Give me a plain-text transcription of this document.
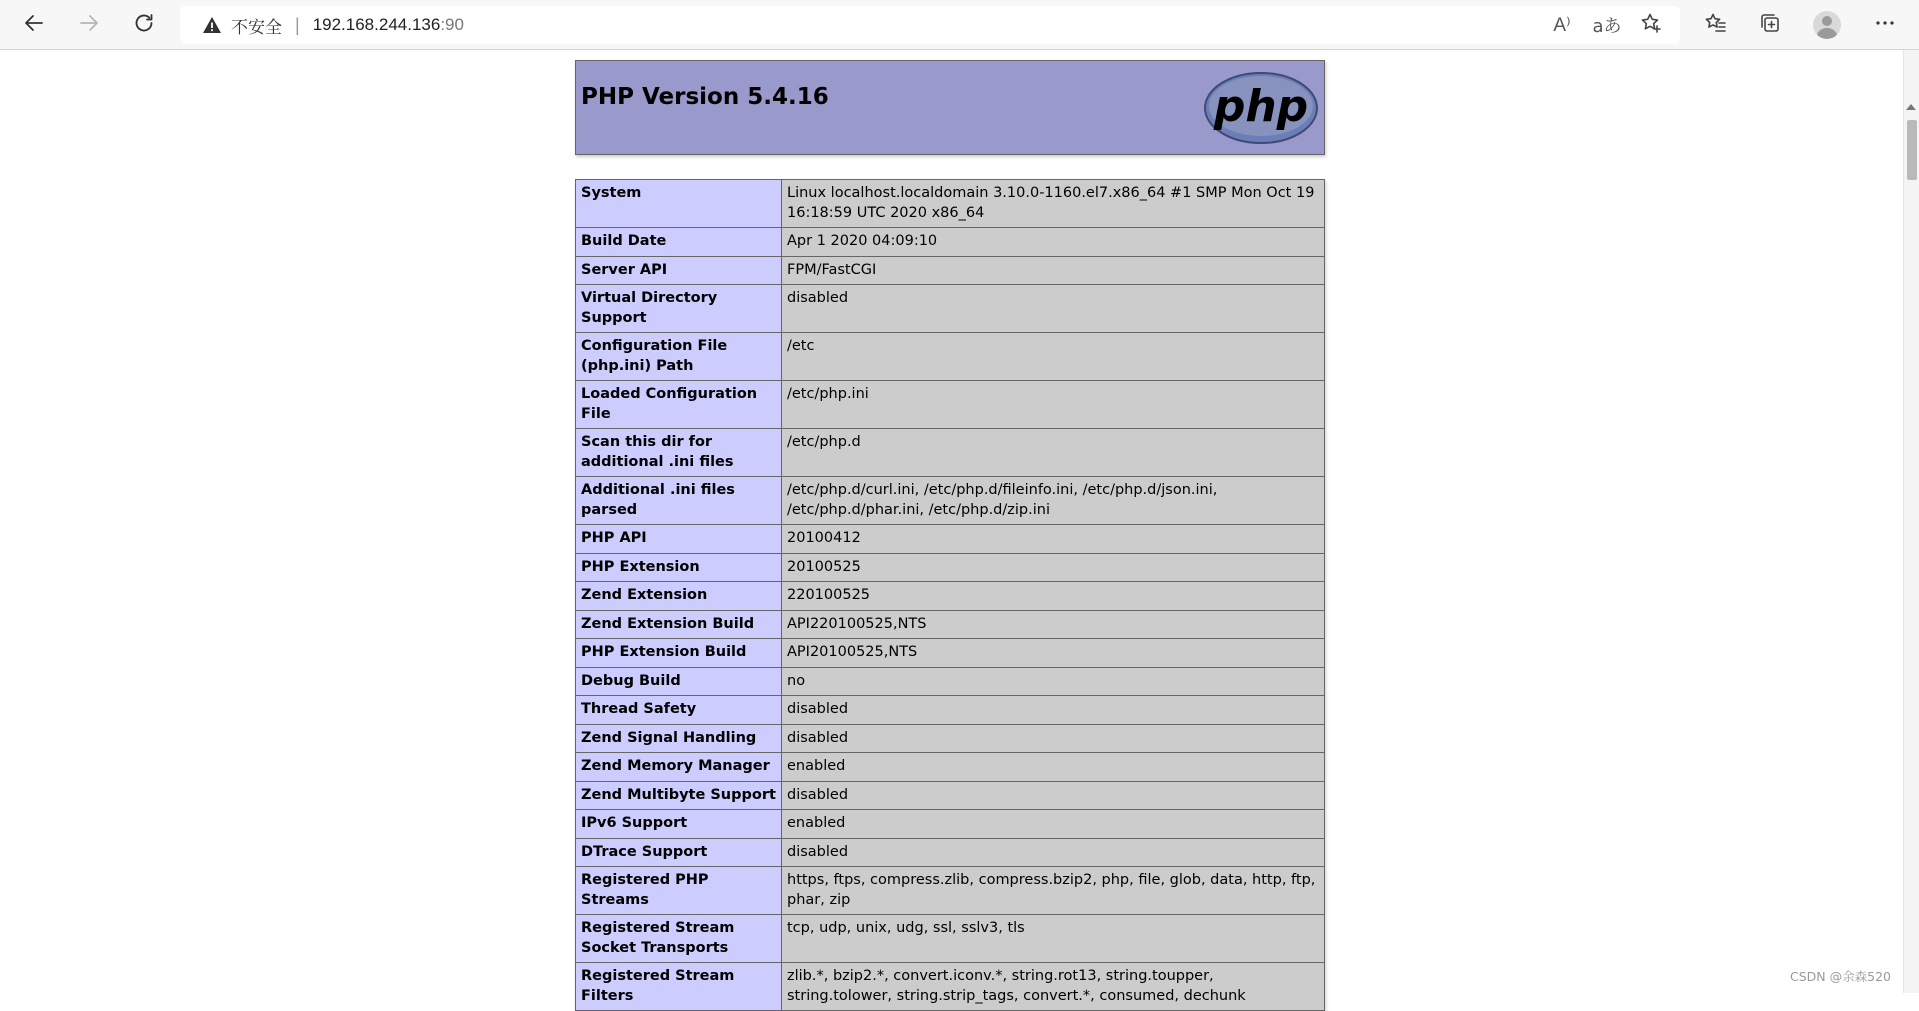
不安全 | 192.168.244.136 :90	A⁾ aあ
PHP Version 5.4.16	php
System	Linux localhost.localdomain 3.10.0-1160.el7.x86_64 #1 SMP Mon Oct 19 16:18:59 UTC 2020 x86_64
Build Date	Apr 1 2020 04:09:10
Server API	FPM/FastCGI
Virtual Directory Support	disabled
Configuration File (php.ini) Path	/etc
Loaded Configuration File	/etc/php.ini
Scan this dir for additional .ini files	/etc/php.d
Additional .ini files parsed	/etc/php.d/curl.ini, /etc/php.d/fileinfo.ini, /etc/php.d/json.ini, /etc/php.d/phar.ini, /etc/php.d/zip.ini
PHP API	20100412
PHP Extension	20100525
Zend Extension	220100525
Zend Extension Build	API220100525,NTS
PHP Extension Build	API20100525,NTS
Debug Build	no
Thread Safety	disabled
Zend Signal Handling	disabled
Zend Memory Manager	enabled
Zend Multibyte Support	disabled
IPv6 Support	enabled
DTrace Support	disabled
Registered PHP Streams	https, ftps, compress.zlib, compress.bzip2, php, file, glob, data, http, ftp, phar, zip
Registered Stream Socket Transports	tcp, udp, unix, udg, ssl, sslv3, tls
Registered Stream Filters	zlib.*, bzip2.*, convert.iconv.*, string.rot13, string.toupper, string.tolower, string.strip_tags, convert.*, consumed, dechunk
CSDN @余森520
